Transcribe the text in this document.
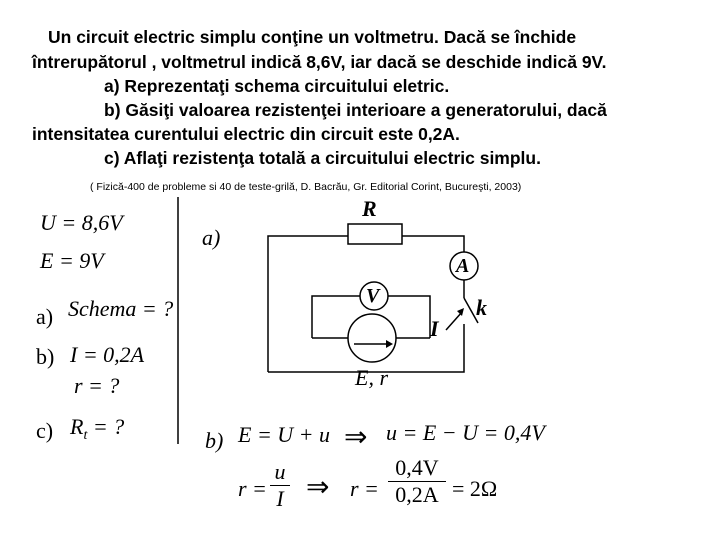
Un circuit electric simplu conţine un voltmetru. Dacă se închide
întrerupătorul , voltmetrul indică 8,6V, iar dacă se deschide indică 9V.
a) Reprezentaţi schema circuitului eletric.
b) Găsiţi valoarea rezistenţei interioare a generatorului, dacă
intensitatea curentului electric din circuit este 0,2A.
c) Aflaţi rezistenţa totală a circuitului electric simplu.
( Fizică-400 de probleme si 40 de teste-grilă, D. Bacrău, Gr. Editorial Corint, Bucureşti, 2003)
U = 8,6V
E = 9V
a) Schema = ?
b) I = 0,2A
r = ?
c) $R_t$ = ?
R
A
V	k
I
E, r
a)
b) E = U + u ⇒ u = E − U = 0,4V
r =
u
I ⇒ r =
0,4V
0,2A = 2Ω
